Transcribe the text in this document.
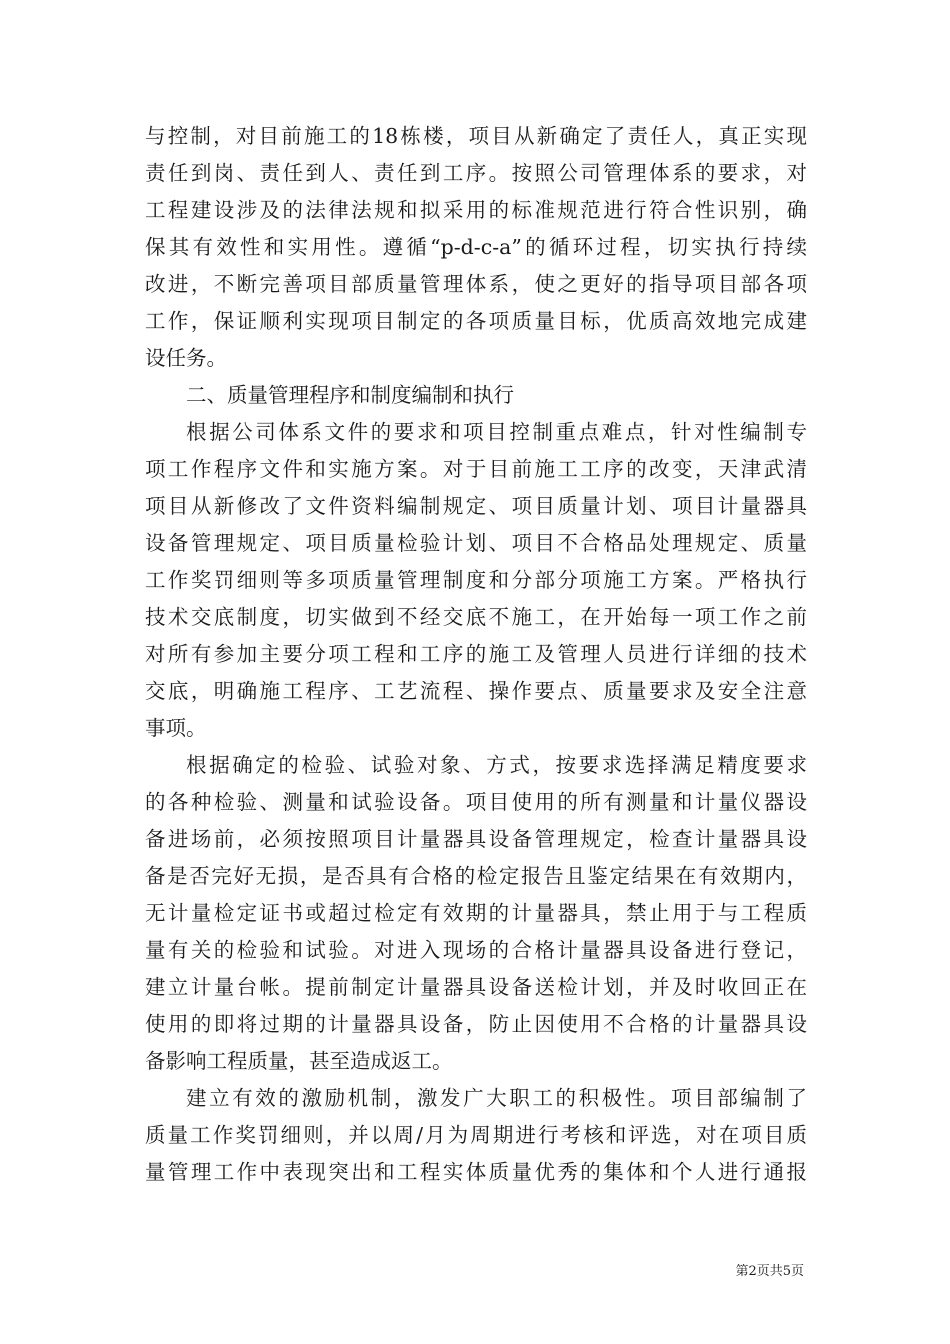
与控制，对目前施工的18栋楼，项目从新确定了责任人，真正实现
责任到岗、责任到人、责任到工序。按照公司管理体系的要求，对
工程建设涉及的法律法规和拟采用的标准规范进行符合性识别，确
保其有效性和实用性。遵循“p-d-c-a”的循环过程，切实执行持续
改进，不断完善项目部质量管理体系，使之更好的指导项目部各项
工作，保证顺利实现项目制定的各项质量目标，优质高效地完成建
设任务。
二、质量管理程序和制度编制和执行
根据公司体系文件的要求和项目控制重点难点，针对性编制专
项工作程序文件和实施方案。对于目前施工工序的改变，天津武清
项目从新修改了文件资料编制规定、项目质量计划、项目计量器具
设备管理规定、项目质量检验计划、项目不合格品处理规定、质量
工作奖罚细则等多项质量管理制度和分部分项施工方案。严格执行
技术交底制度，切实做到不经交底不施工，在开始每一项工作之前
对所有参加主要分项工程和工序的施工及管理人员进行详细的技术
交底，明确施工程序、工艺流程、操作要点、质量要求及安全注意
事项。
根据确定的检验、试验对象、方式，按要求选择满足精度要求
的各种检验、测量和试验设备。项目使用的所有测量和计量仪器设
备进场前，必须按照项目计量器具设备管理规定，检查计量器具设
备是否完好无损，是否具有合格的检定报告且鉴定结果在有效期内，
无计量检定证书或超过检定有效期的计量器具，禁止用于与工程质
量有关的检验和试验。对进入现场的合格计量器具设备进行登记，
建立计量台帐。提前制定计量器具设备送检计划，并及时收回正在
使用的即将过期的计量器具设备，防止因使用不合格的计量器具设
备影响工程质量，甚至造成返工。
建立有效的激励机制，激发广大职工的积极性。项目部编制了
质量工作奖罚细则，并以周/月为周期进行考核和评选，对在项目质
量管理工作中表现突出和工程实体质量优秀的集体和个人进行通报
第2页共5页
